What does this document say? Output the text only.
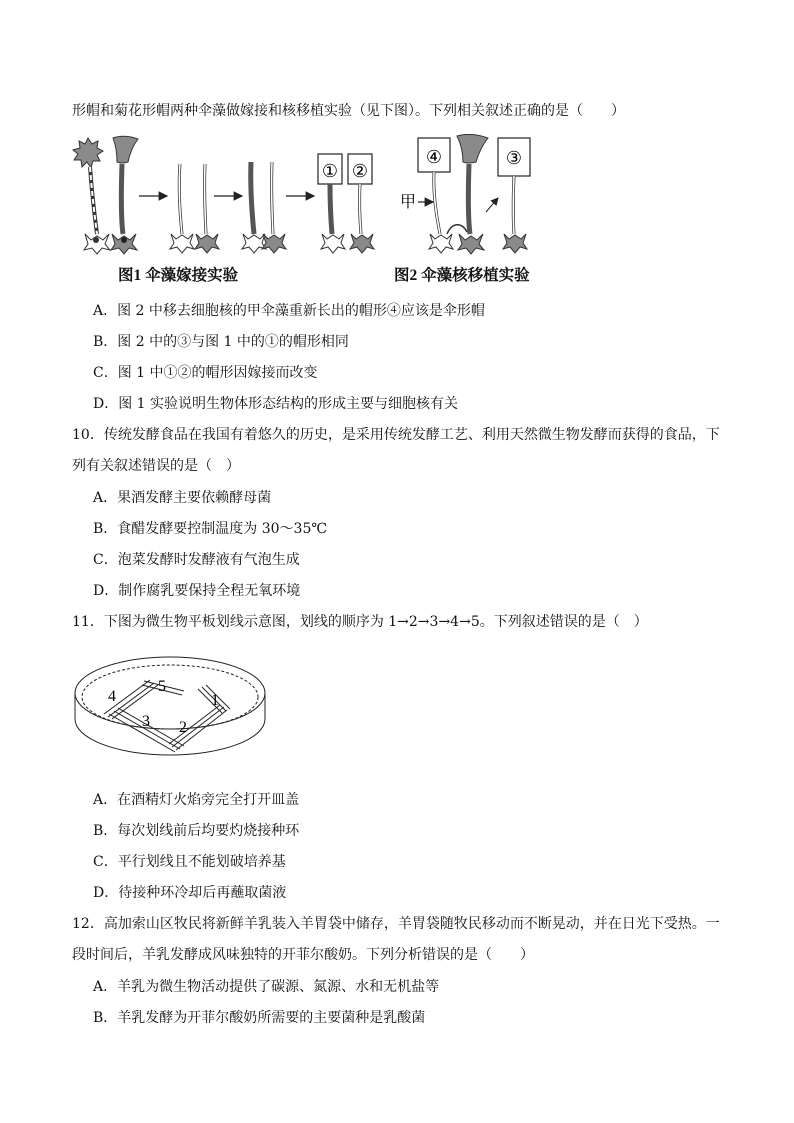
形帽和菊花形帽两种伞藻做嫁接和核移植实验（见下图）。下列相关叙述正确的是（　　）
① ②
④
甲
③
图1 伞藻嫁接实验	图2 伞藻核移植实验
A．图 2 中移去细胞核的甲伞藻重新长出的帽形④应该是伞形帽
B．图 2 中的③与图 1 中的①的帽形相同
C．图 1 中①②的帽形因嫁接而改变
D．图 1 实验说明生物体形态结构的形成主要与细胞核有关
10．传统发酵食品在我国有着悠久的历史，是采用传统发酵工艺、利用天然微生物发酵而获得的食品，下
列有关叙述错误的是（　）
A．果酒发酵主要依赖酵母菌
B．食醋发酵要控制温度为 30～35℃
C．泡菜发酵时发酵液有气泡生成
D．制作腐乳要保持全程无氧环境
11．下图为微生物平板划线示意图，划线的顺序为 1→2→3→4→5。下列叙述错误的是（　）
4
5
1
3 2
A．在酒精灯火焰旁完全打开皿盖
B．每次划线前后均要灼烧接种环
C．平行划线且不能划破培养基
D．待接种环冷却后再蘸取菌液
12．高加索山区牧民将新鲜羊乳装入羊胃袋中储存，羊胃袋随牧民移动而不断晃动，并在日光下受热。一
段时间后，羊乳发酵成风味独特的开菲尔酸奶。下列分析错误的是（　　）
A．羊乳为微生物活动提供了碳源、氮源、水和无机盐等
B．羊乳发酵为开菲尔酸奶所需要的主要菌种是乳酸菌
